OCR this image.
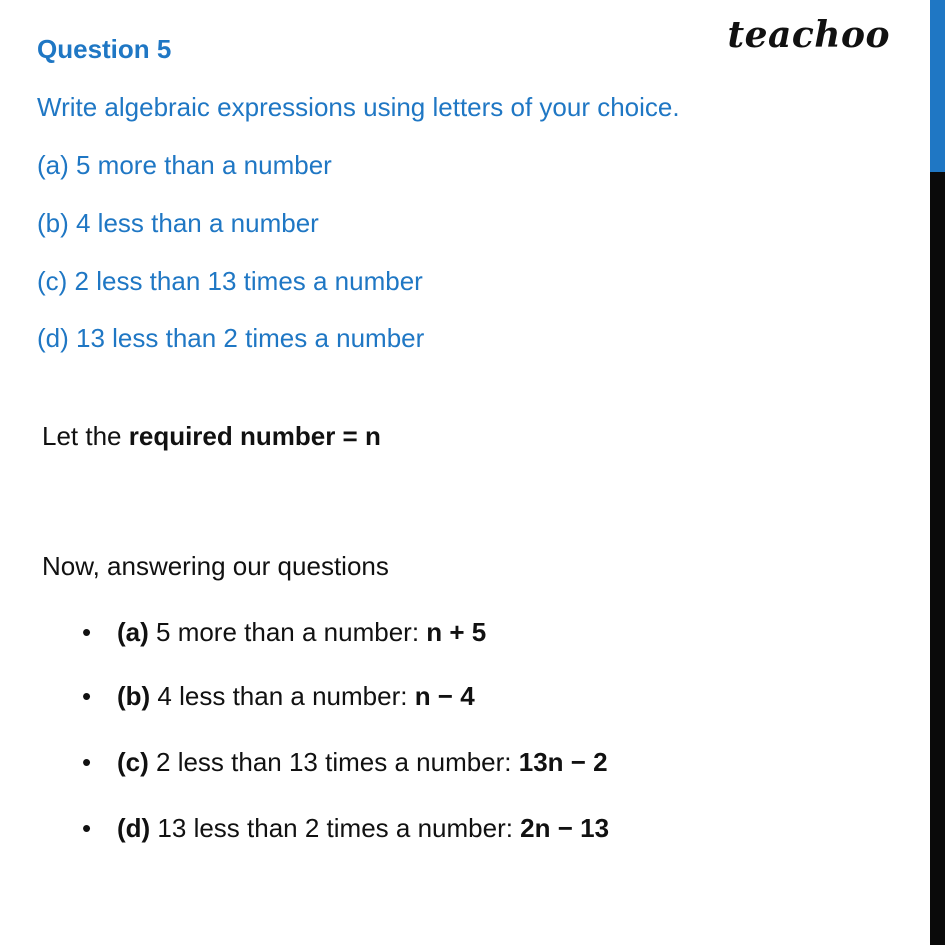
teachoo
Question 5
Write algebraic expressions using letters of your choice.
(a) 5 more than a number
(b) 4 less than a number
(c) 2 less than 13 times a number
(d) 13 less than 2 times a number
Let the required number = n
Now, answering our questions
• (a) 5 more than a number: n + 5
• (b) 4 less than a number: n − 4
• (c) 2 less than 13 times a number: 13n − 2
• (d) 13 less than 2 times a number: 2n − 13
